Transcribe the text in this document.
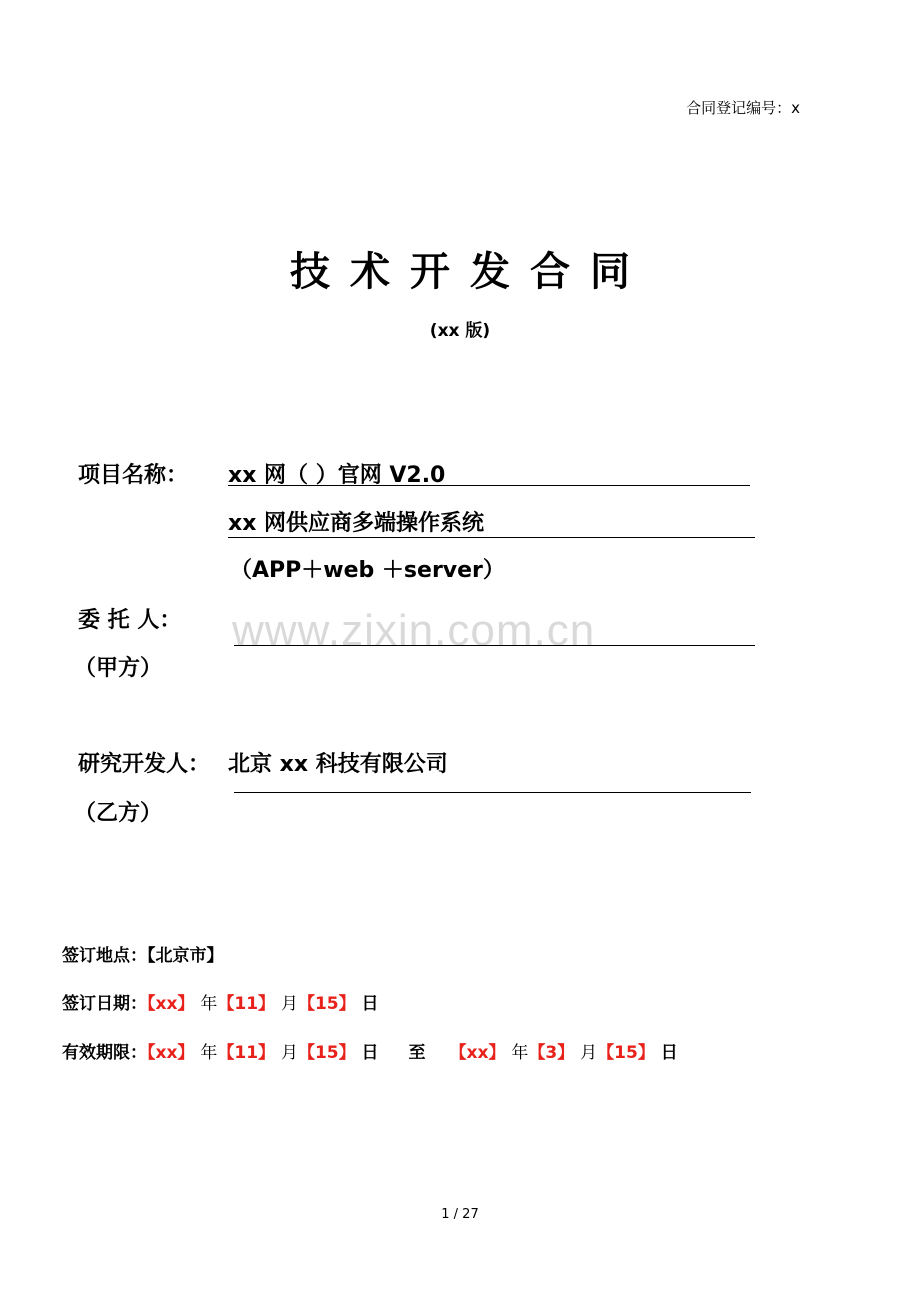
合同登记编号：x
技术开发合同
(xx 版)
项目名称： xx 网（ ）官网 V2.0
xx 网供应商多端操作系统
（APP＋web ＋server）
委 托 人： www.zixin.com.cn
（甲方）
研究开发人： 北京 xx 科技有限公司
（乙方）
签订地点：【北京市】
签订日期：【xx】 年【11】 月【15】 日
有效期限：【xx】 年【11】 月【15】 日 至 【xx】 年【3】 月【15】 日
1 / 27
